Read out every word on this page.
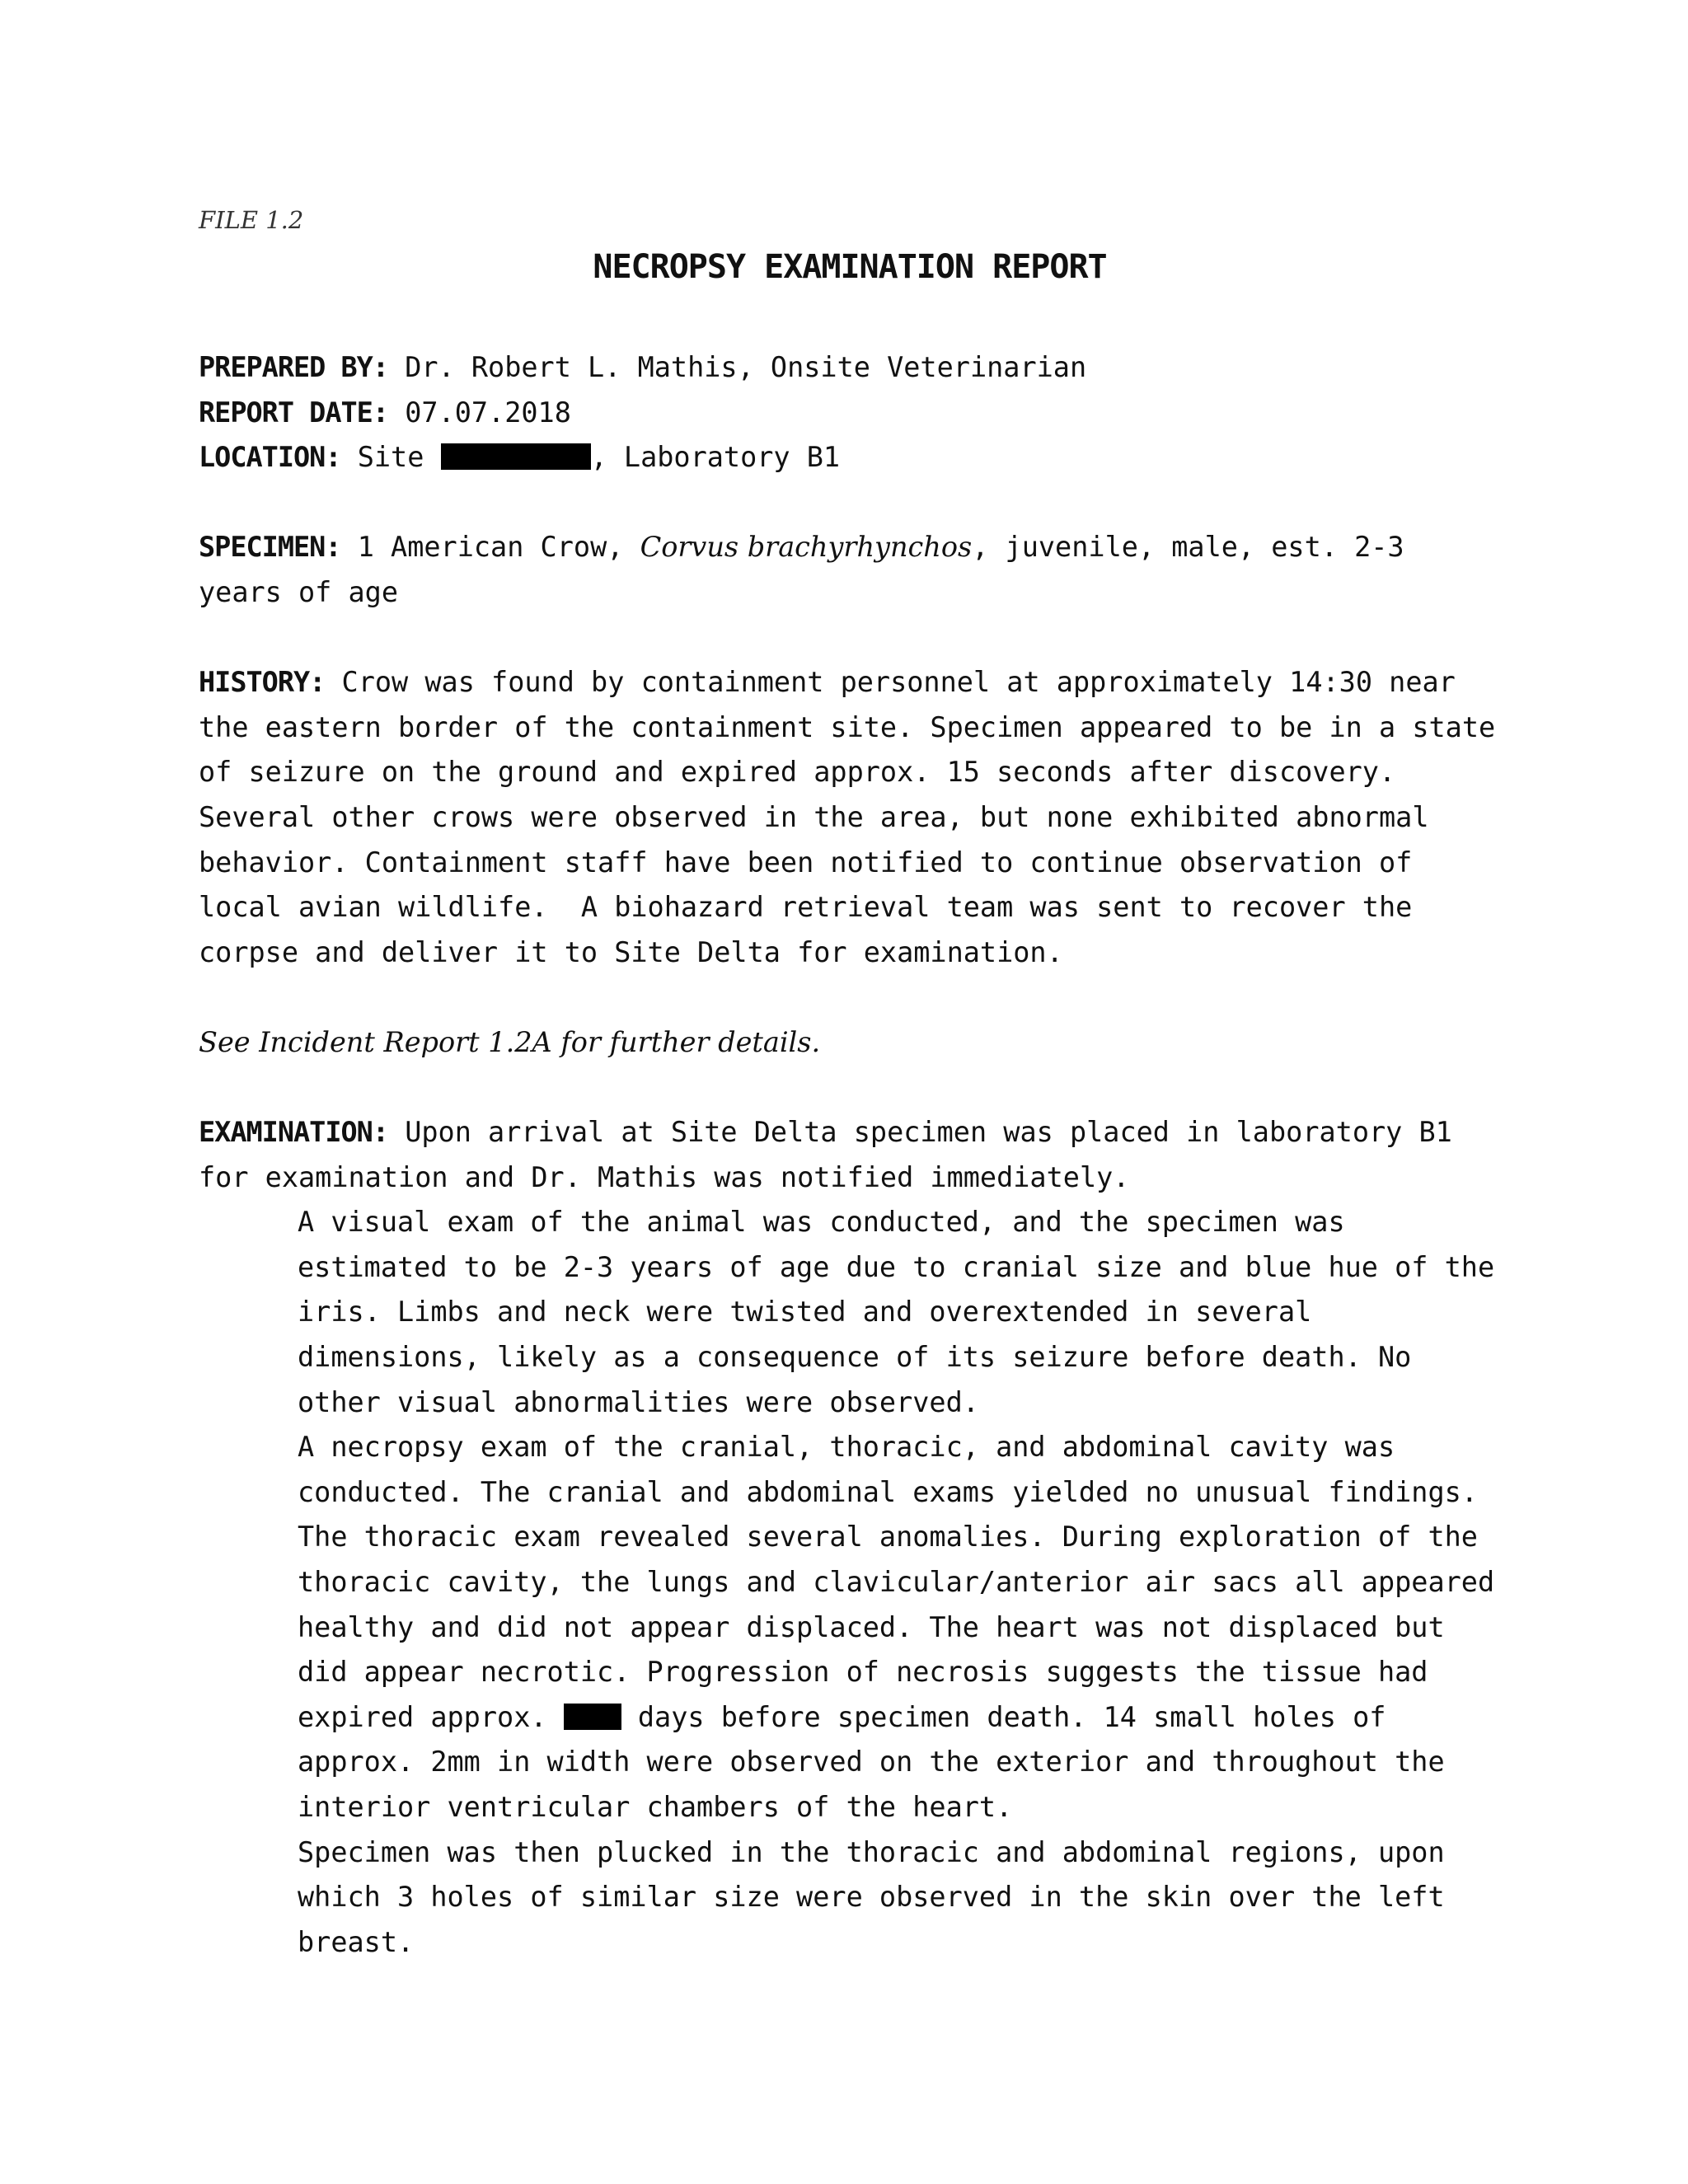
FILE 1.2

NECROPSY EXAMINATION REPORT

PREPARED BY: Dr. Robert L. Mathis, Onsite Veterinarian

REPORT DATE: 07.07.2018

LOCATION: Site	, Laboratory B1

SPECIMEN: 1 American Crow, Corvus brachyrhynchos, juvenile, male, est. 2-3 years of age

HISTORY: Crow was found by containment personnel at approximately 14:30 near the eastern border of the containment site. Specimen appeared to be in a state of seizure on the ground and expired approx. 15 seconds after discovery. Several other crows were observed in the area, but none exhibited abnormal behavior. Containment staff have been notified to continue observation of local avian wildlife.  A biohazard retrieval team was sent to recover the corpse and deliver it to Site Delta for examination.

See Incident Report 1.2A for further details.

EXAMINATION: Upon arrival at Site Delta specimen was placed in laboratory B1 for examination and Dr. Mathis was notified immediately.

A visual exam of the animal was conducted, and the specimen was estimated to be 2-3 years of age due to cranial size and blue hue of the iris. Limbs and neck were twisted and overextended in several dimensions, likely as a consequence of its seizure before death. No other visual abnormalities were observed.

A necropsy exam of the cranial, thoracic, and abdominal cavity was conducted. The cranial and abdominal exams yielded no unusual findings.

The thoracic exam revealed several anomalies. During exploration of the thoracic cavity, the lungs and clavicular/anterior air sacs all appeared healthy and did not appear displaced. The heart was not displaced but did appear necrotic. Progression of necrosis suggests the tissue had expired approx.	days before specimen death. 14 small holes of approx. 2mm in width were observed on the exterior and throughout the interior ventricular chambers of the heart.

Specimen was then plucked in the thoracic and abdominal regions, upon which 3 holes of similar size were observed in the skin over the left breast.
